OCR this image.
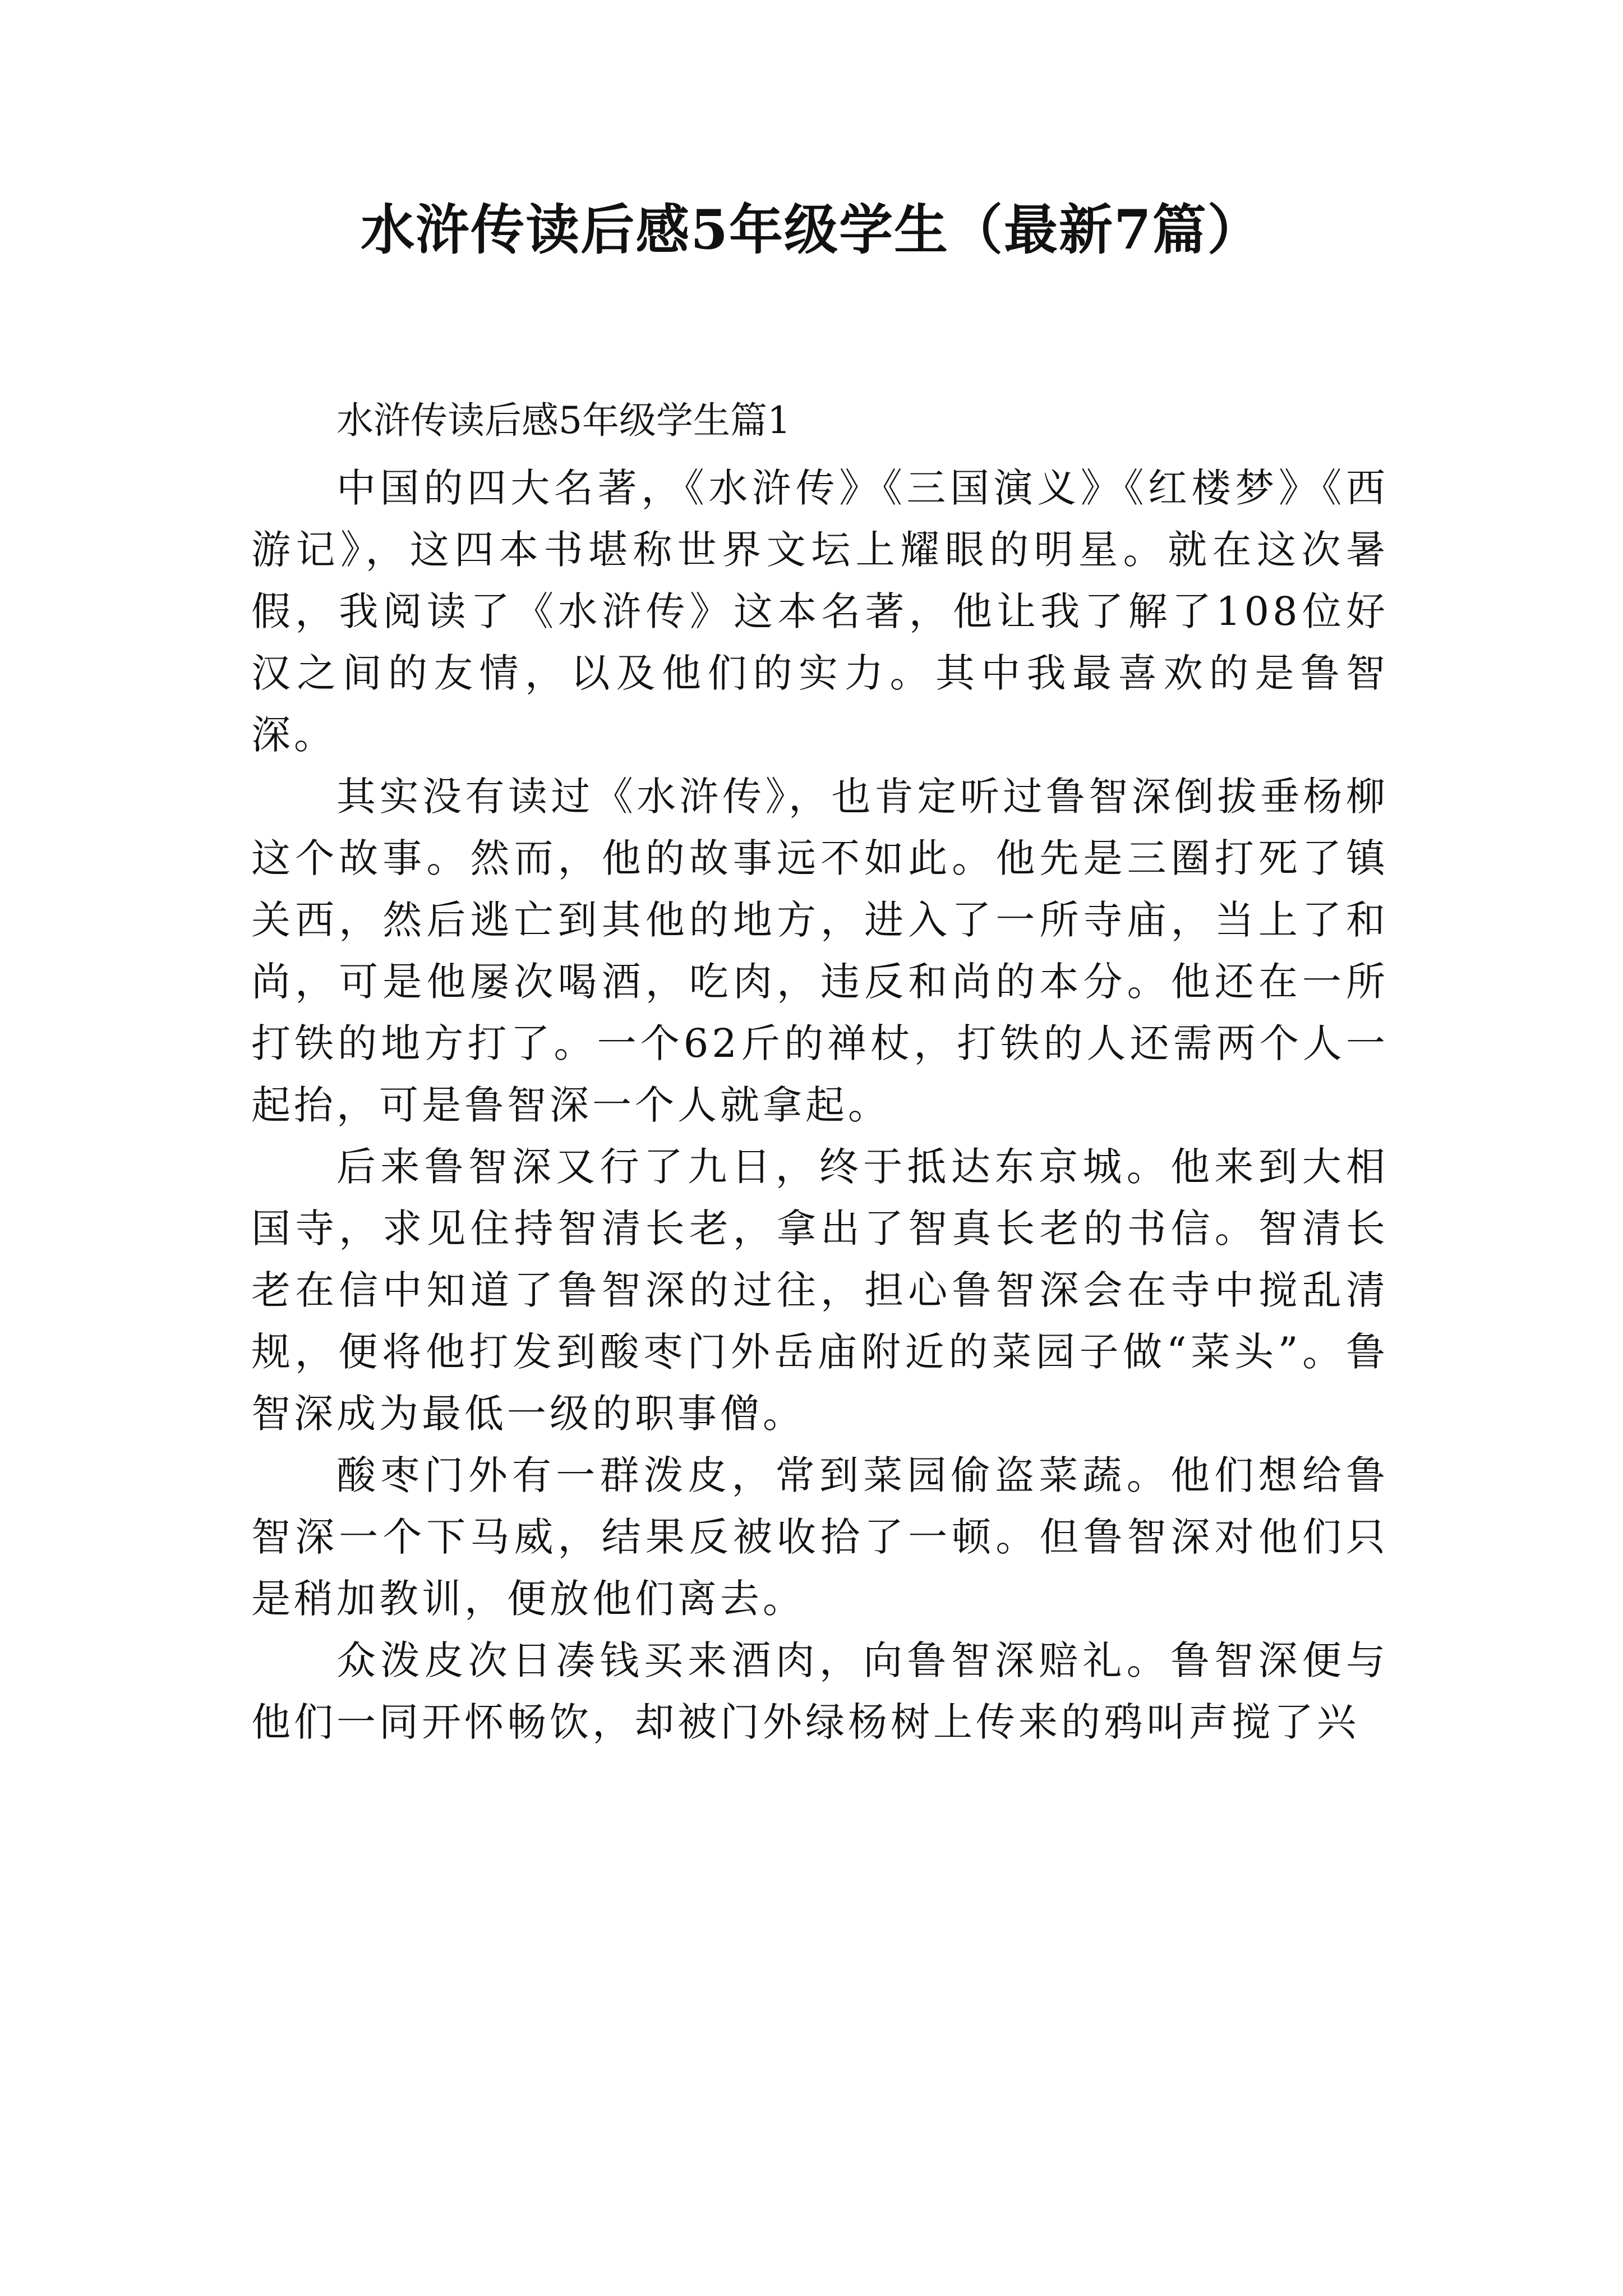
水浒传读后感5年级学生（最新7篇）
水浒传读后感5年级学生篇1

中国的四大名著，《水浒传》《三国演义》《红楼梦》《西游记》，这四本书堪称世界文坛上耀眼的明星。就在这次暑假，我阅读了《水浒传》这本名著，他让我了解了108位好汉之间的友情，以及他们的实力。其中我最喜欢的是鲁智深。

其实没有读过《水浒传》，也肯定听过鲁智深倒拔垂杨柳这个故事。然而，他的故事远不如此。他先是三圈打死了镇关西，然后逃亡到其他的地方，进入了一所寺庙，当上了和尚，可是他屡次喝酒，吃肉，违反和尚的本分。他还在一所打铁的地方打了。一个62斤的禅杖，打铁的人还需两个人一起抬，可是鲁智深一个人就拿起。

后来鲁智深又行了九日，终于抵达东京城。他来到大相国寺，求见住持智清长老，拿出了智真长老的书信。智清长老在信中知道了鲁智深的过往，担心鲁智深会在寺中搅乱清规，便将他打发到酸枣门外岳庙附近的菜园子做“菜头”。鲁智深成为最低一级的职事僧。

酸枣门外有一群泼皮，常到菜园偷盗菜蔬。他们想给鲁智深一个下马威，结果反被收拾了一顿。但鲁智深对他们只是稍加教训，便放他们离去。

众泼皮次日凑钱买来酒肉，向鲁智深赔礼。鲁智深便与他们一同开怀畅饮，却被门外绿杨树上传来的鸦叫声搅了兴
